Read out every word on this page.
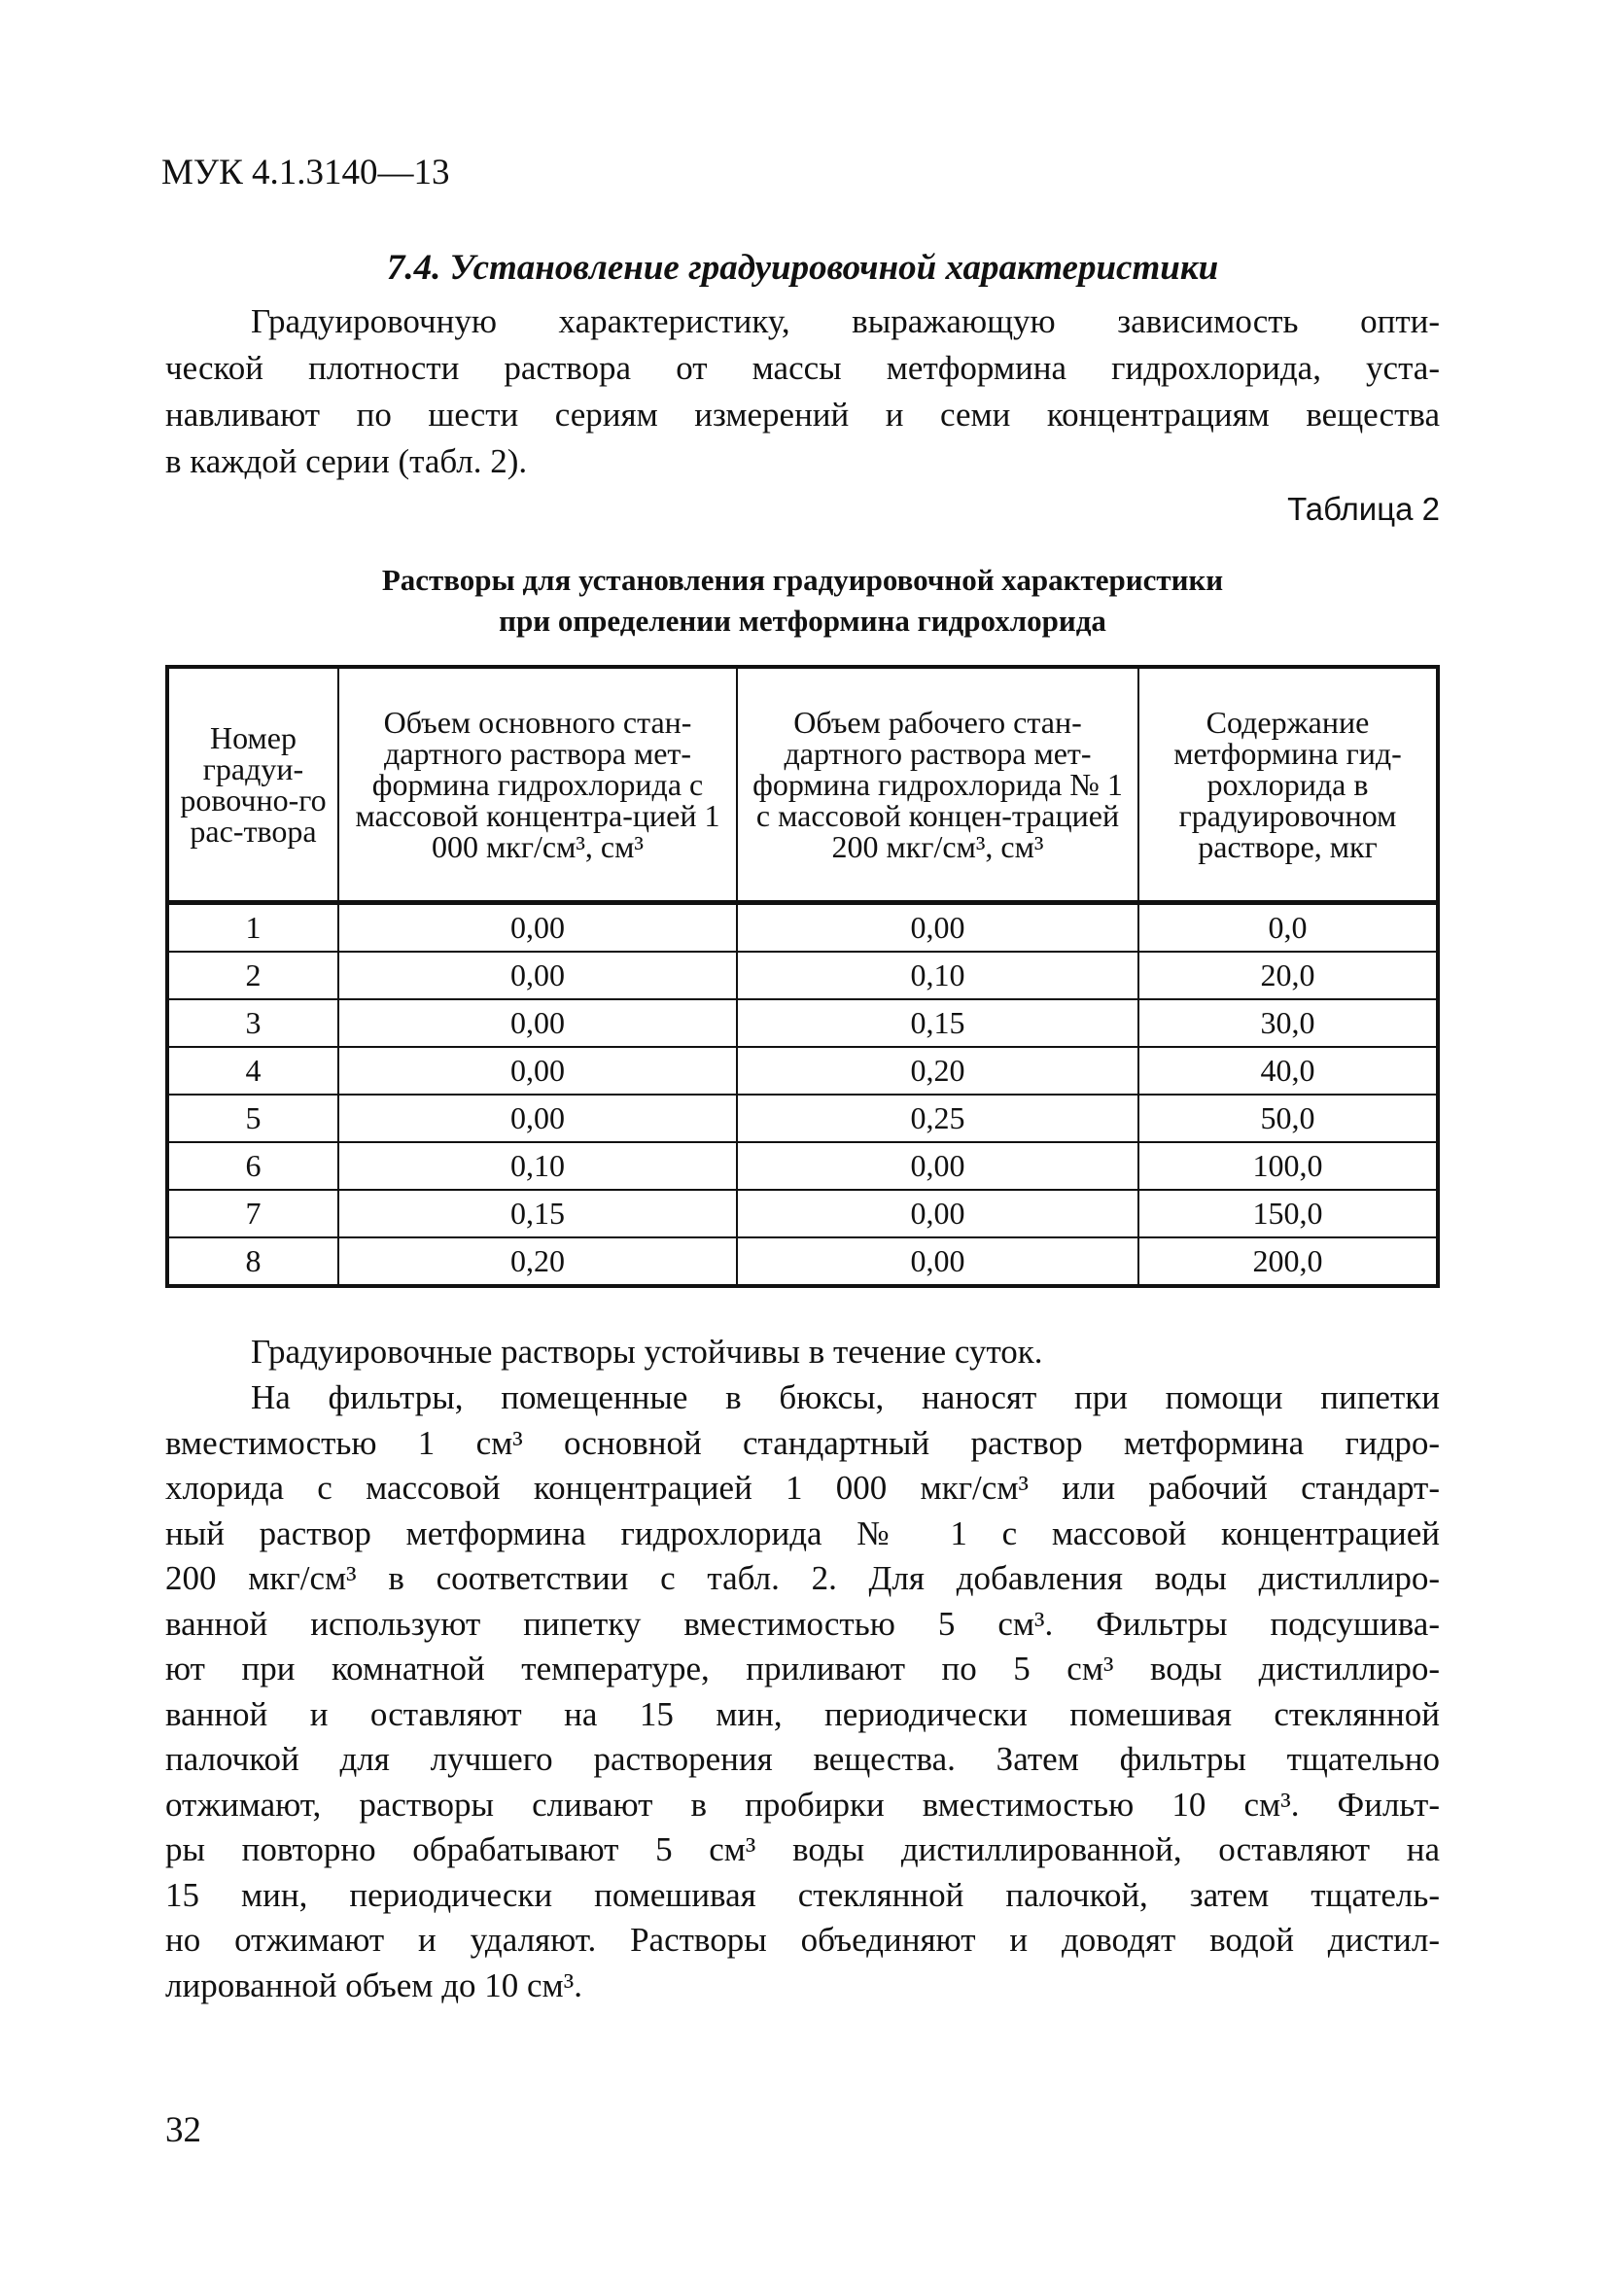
МУК 4.1.3140—13
7.4. Установление градуировочной характеристики
Градуировочную характеристику, выражающую зависимость опти-
ческой плотности раствора от массы метформина гидрохлорида, уста-
навливают по шести сериям измерений и семи концентрациям вещества
в каждой серии (табл. 2).
Таблица 2
Растворы для установления градуировочной характеристики
при определении метформина гидрохлорида
Номер градуи-ровочно-го рас-твора	Объем основного стан-дартного раствора мет-формина гидрохлорида с массовой концентра-цией 1 000 мкг/см³, см³	Объем рабочего стан-дартного раствора мет-формина гидрохлорида № 1 с массовой концен-трацией 200 мкг/см³, см³	Содержание метформина гид-рохлорида в градуировочном растворе, мкг
1	0,00	0,00	0,0
2	0,00	0,10	20,0
3	0,00	0,15	30,0
4	0,00	0,20	40,0
5	0,00	0,25	50,0
6	0,10	0,00	100,0
7	0,15	0,00	150,0
8	0,20	0,00	200,0
Градуировочные растворы устойчивы в течение суток.
На фильтры, помещенные в бюксы, наносят при помощи пипетки
вместимостью 1 см³ основной стандартный раствор метформина гидро-
хлорида с массовой концентрацией 1 000 мкг/см³ или рабочий стандарт-
ный раствор метформина гидрохлорида № 1 с массовой концентрацией
200 мкг/см³ в соответствии с табл. 2. Для добавления воды дистиллиро-
ванной используют пипетку вместимостью 5 см³. Фильтры подсушива-
ют при комнатной температуре, приливают по 5 см³ воды дистиллиро-
ванной и оставляют на 15 мин, периодически помешивая стеклянной
палочкой для лучшего растворения вещества. Затем фильтры тщательно
отжимают, растворы сливают в пробирки вместимостью 10 см³. Фильт-
ры повторно обрабатывают 5 см³ воды дистиллированной, оставляют на
15 мин, периодически помешивая стеклянной палочкой, затем тщатель-
но отжимают и удаляют. Растворы объединяют и доводят водой дистил-
лированной объем до 10 см³.
32
